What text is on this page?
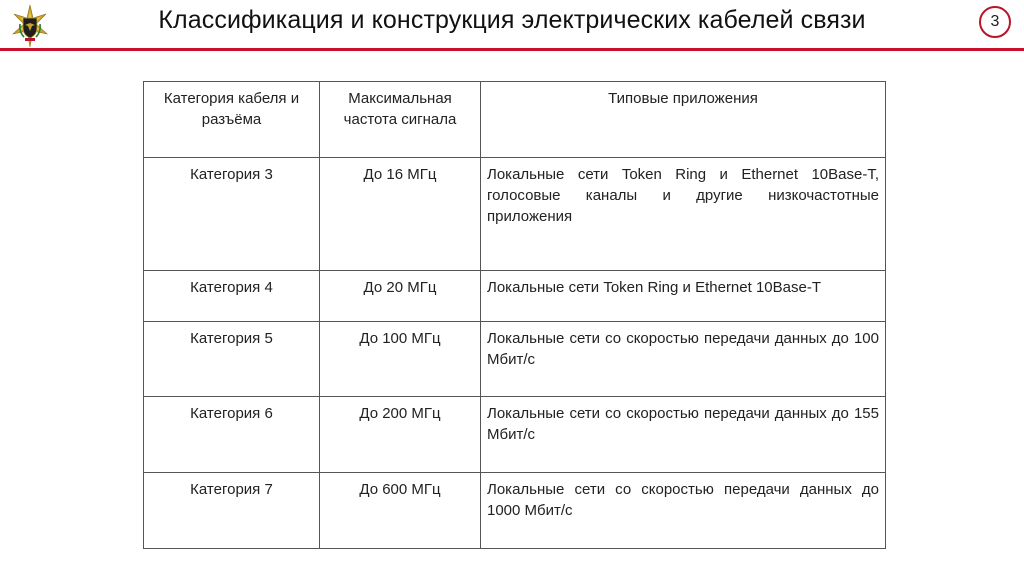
Классификация и конструкция электрических кабелей связи	3
Категория кабеля и разъёма	Максимальная частота сигнала	Типовые приложения
Категория 3	До 16 МГц	Локальные сети Token Ring и Ethernet 10Base-T, голосовые каналы и другие низкочастотные приложения
Категория 4	До 20 МГц	Локальные сети Token Ring и Ethernet 10Base-T
Категория 5	До 100 МГц	Локальные сети со скоростью передачи данных до 100 Мбит/с
Категория 6	До 200 МГц	Локальные сети со скоростью передачи данных до 155 Мбит/с
Категория 7	До 600 МГц	Локальные сети со скоростью передачи данных до 1000 Мбит/с
